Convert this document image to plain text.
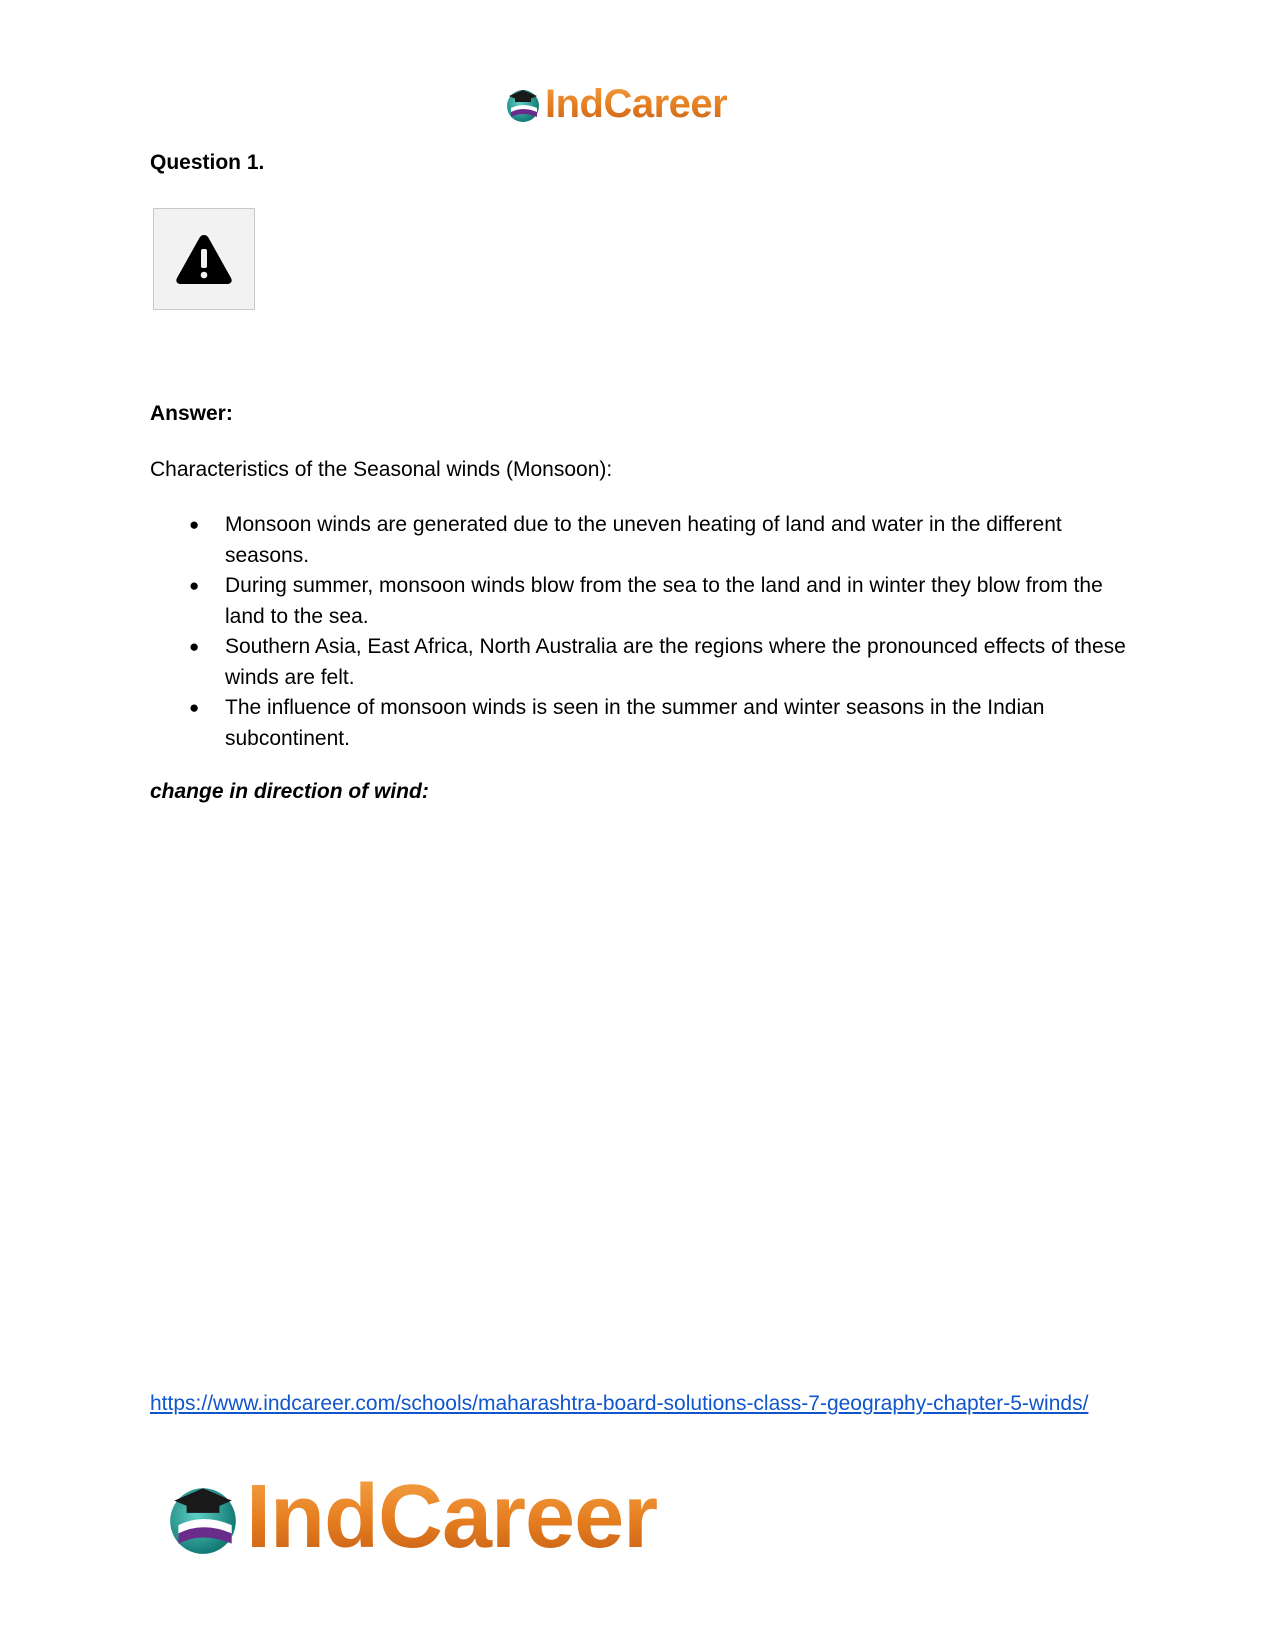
IndCareer
Question 1.
Answer:
Characteristics of the Seasonal winds (Monsoon):
● Monsoon winds are generated due to the uneven heating of land and water in the different seasons.
● During summer, monsoon winds blow from the sea to the land and in winter they blow from the land to the sea.
● Southern Asia, East Africa, North Australia are the regions where the pronounced effects of these winds are felt.
● The influence of monsoon winds is seen in the summer and winter seasons in the Indian subcontinent.
change in direction of wind:
https://www.indcareer.com/schools/maharashtra-board-solutions-class-7-geography-chapter-5-winds/
IndCareer
